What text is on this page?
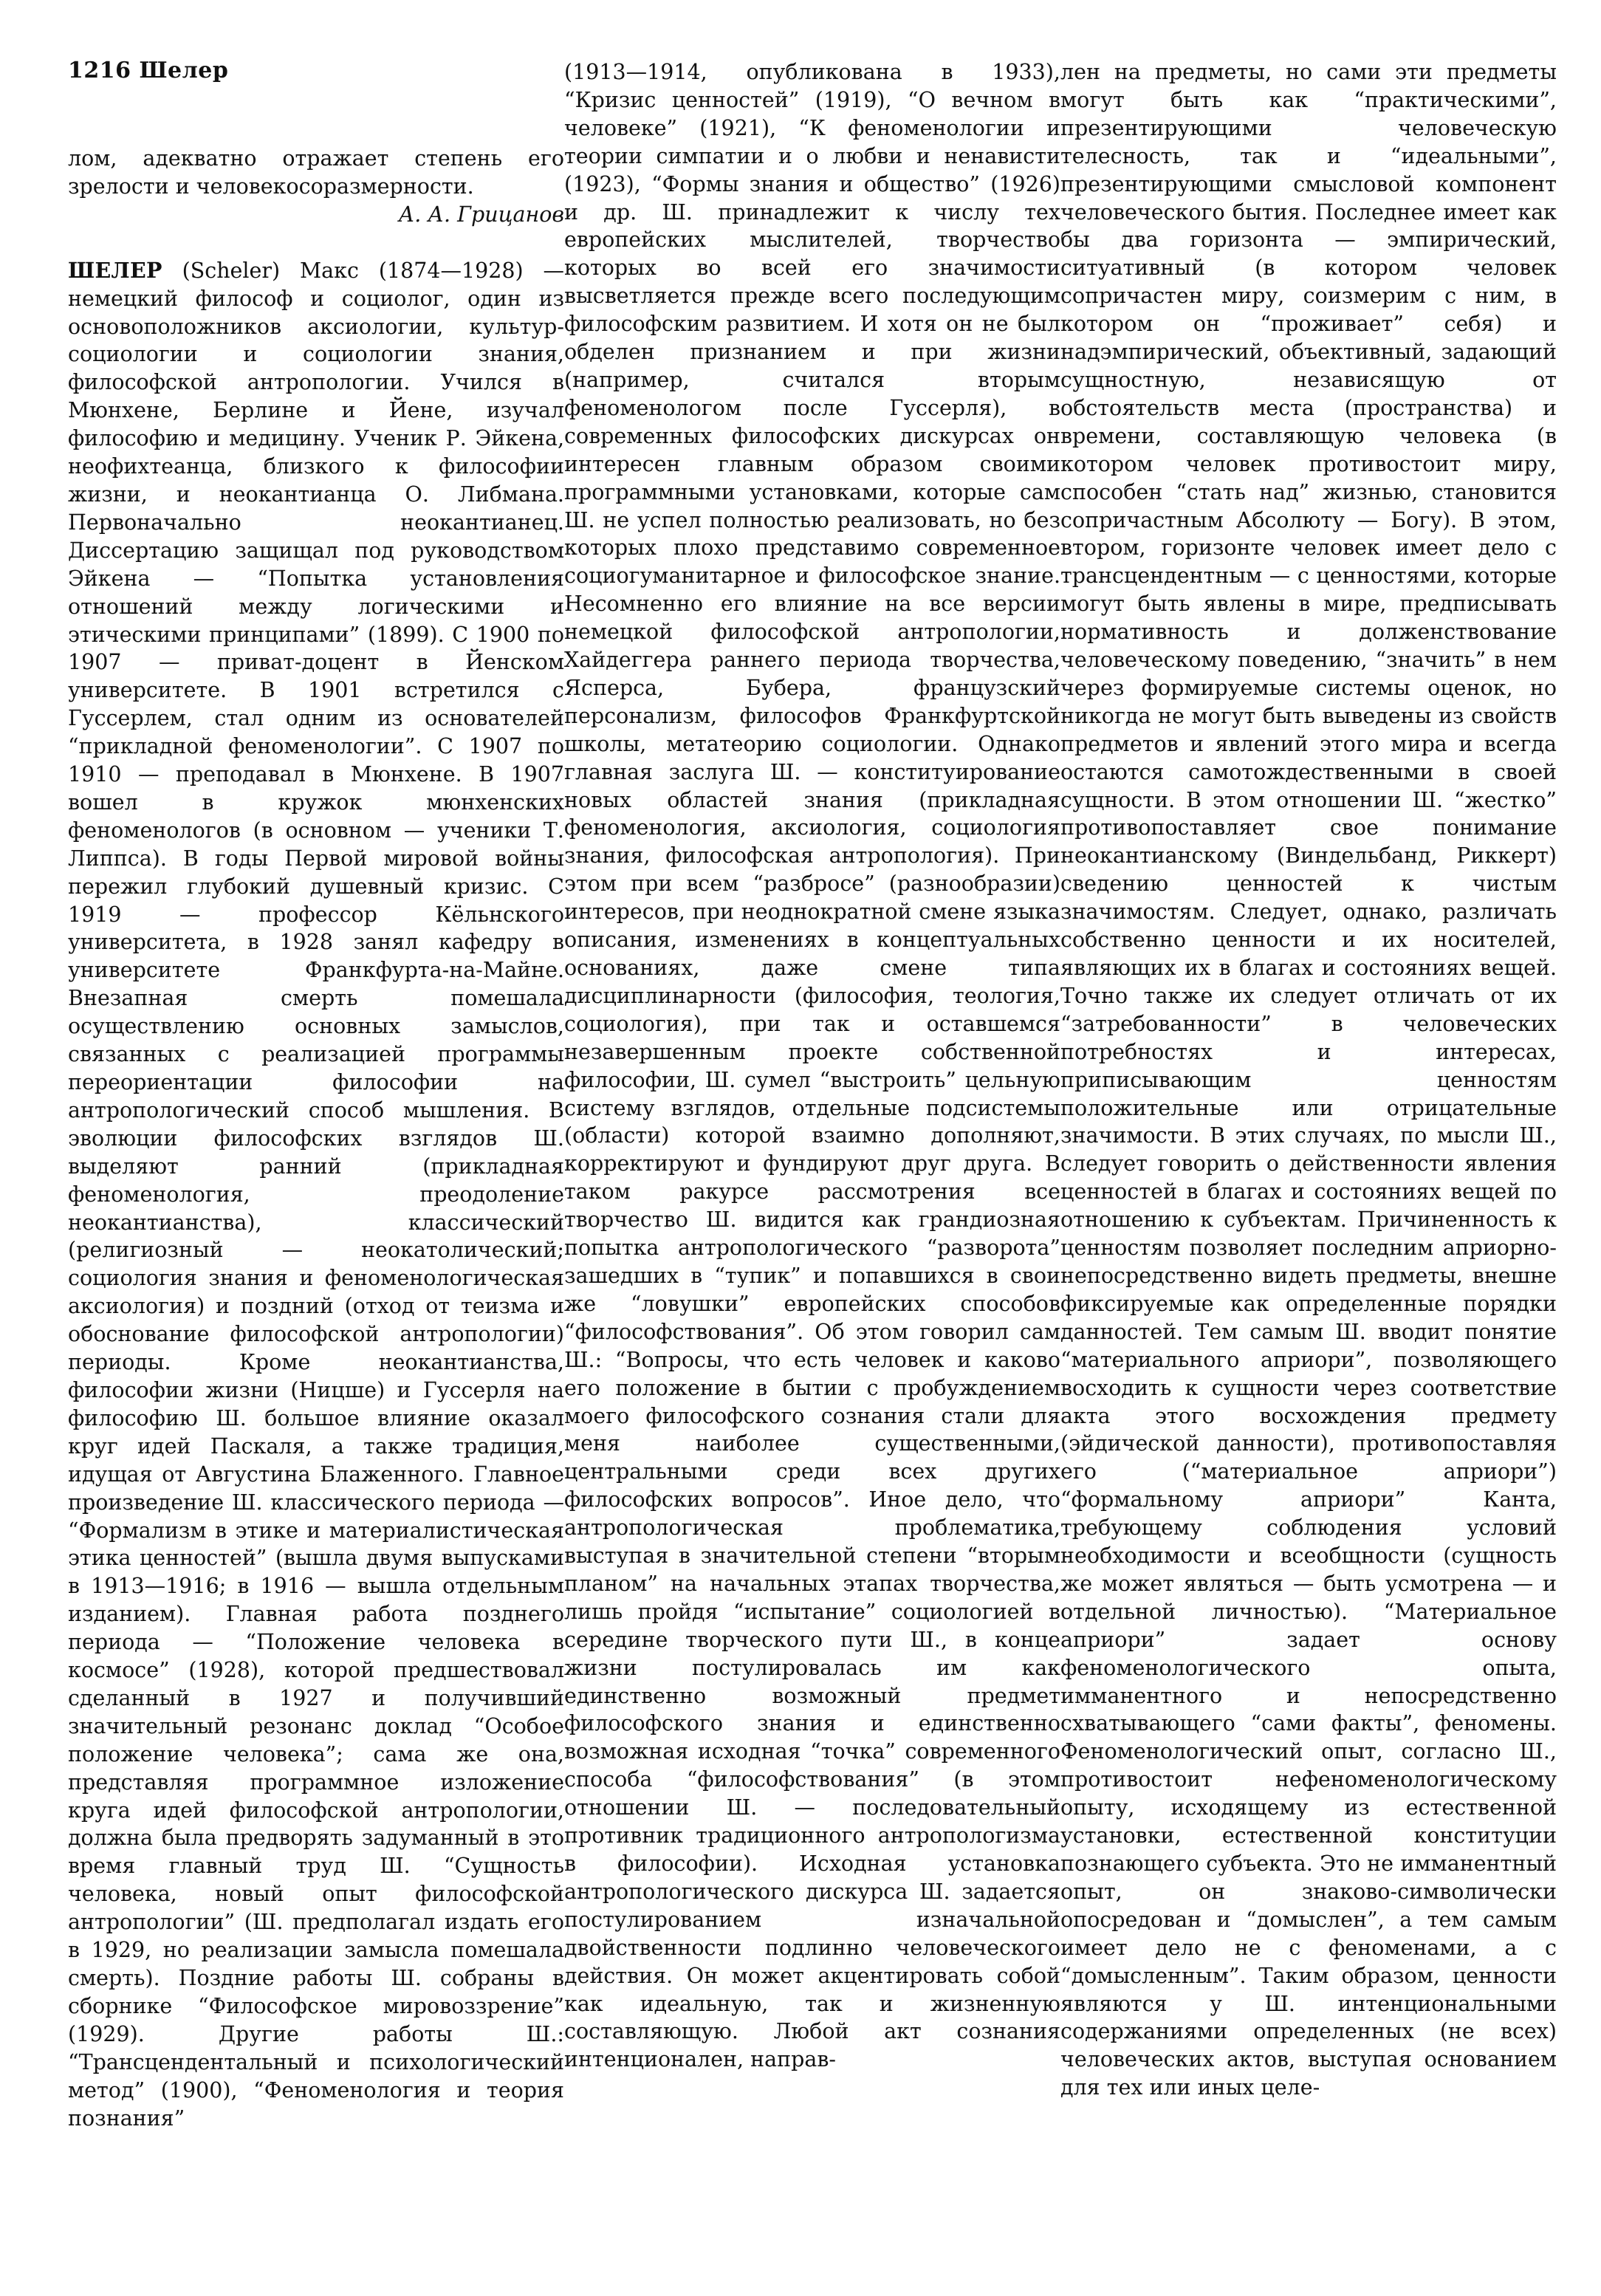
1216 Шелер

лом, адекватно отражает степень его зрелости и человекосоразмерности.

А. А. Грицанов

ШЕЛЕР (Scheler) Макс (1874—1928) — немецкий философ и социолог, один из основоположников аксиологии, культур-социологии и социологии знания, философской антропологии. Учился в Мюнхене, Берлине и Йене, изучал философию и медицину. Ученик Р. Эйкена, неофихтеанца, близкого к философии жизни, и неокантианца О. Либмана. Первоначально неокантианец. Диссертацию защищал под руководством Эйкена — “Попытка установления отношений между логическими и этическими принципами” (1899). С 1900 по 1907 — приват-доцент в Йенском университете. В 1901 встретился с Гуссерлем, стал одним из основателей “прикладной феноменологии”. С 1907 по 1910 — преподавал в Мюнхене. В 1907 вошел в кружок мюнхенских феноменологов (в основном — ученики Т. Липпса). В годы Первой мировой войны пережил глубокий душевный кризис. С 1919 — профессор Кёльнского университета, в 1928 занял кафедру в университете Франкфурта-на-Майне. Внезапная смерть помешала осуществлению основных замыслов, связанных с реализацией программы переориентации философии на антропологический способ мышления. В эволюции философских взглядов Ш. выделяют ранний (прикладная феноменология, преодоление неокантианства), классический (религиозный — неокатолический; социология знания и феноменологическая аксиология) и поздний (отход от теизма и обоснование философской антропологии) периоды. Кроме неокантианства, философии жизни (Ницше) и Гуссерля на философию Ш. большое влияние оказал круг идей Паскаля, а также традиция, идущая от Августина Блаженного. Главное произведение Ш. классического периода — “Формализм в этике и материалистическая этика ценностей” (вышла двумя выпусками в 1913—1916; в 1916 — вышла отдельным изданием). Главная работа позднего периода — “Положение человека в космосе” (1928), которой предшествовал сделанный в 1927 и получивший значительный резонанс доклад “Особое положение человека”; сама же она, представляя программное изложение круга идей философской антропологии, должна была предворять задуманный в это время главный труд Ш. “Сущность человека, новый опыт философской антропологии” (Ш. предполагал издать его в 1929, но реализации замысла помешала смерть). Поздние работы Ш. собраны в сборнике “Философское мировоззрение” (1929). Другие работы Ш.: “Трансцендентальный и психологический метод” (1900), “Феноменология и теория познания”

(1913—1914, опубликована в 1933), “Кризис ценностей” (1919), “О вечном в человеке” (1921), “К феноменологии и теории симпатии и о любви и ненависти (1923), “Формы знания и общество” (1926) и др. Ш. принадлежит к числу тех европейских мыслителей, творчество которых во всей его значимости высветляется прежде всего последующим философским развитием. И хотя он не был обделен признанием и при жизни (например, считался вторым феноменологом после Гуссерля), в современных философских дискурсах он интересен главным образом своими программными установками, которые сам Ш. не успел полностью реализовать, но без которых плохо представимо современное социогуманитарное и философское знание. Несомненно его влияние на все версии немецкой философской антропологии, Хайдеггера раннего периода творчества, Ясперса, Бубера, французский персонализм, философов Франкфуртской школы, метатеорию социологии. Однако главная заслуга Ш. — конституирование новых областей знания (прикладная феноменология, аксиология, социология знания, философская антропология). При этом при всем “разбросе” (разнообразии) интересов, при неоднократной смене языка описания, изменениях в концептуальных основаниях, даже смене типа дисциплинарности (философия, теология, социология), при так и оставшемся незавершенным проекте собственной философии, Ш. сумел “выстроить” цельную систему взглядов, отдельные подсистемы (области) которой взаимно дополняют, корректируют и фундируют друг друга. В таком ракурсе рассмотрения все творчество Ш. видится как грандиозная попытка антропологического “разворота” зашедших в “тупик” и попавшихся в свои же “ловушки” европейских способов “философствования”. Об этом говорил сам Ш.: “Вопросы, что есть человек и каково его положение в бытии с пробуждением моего философского сознания стали для меня наиболее существенными, центральными среди всех других философских вопросов”. Иное дело, что антропологическая проблематика, выступая в значительной степени “вторым планом” на начальных этапах творчества, лишь пройдя “испытание” социологией в середине творческого пути Ш., в конце жизни постулировалась им как единственно возможный предмет философского знания и единственно возможная исходная “точка” современного способа “философствования” (в этом отношении Ш. — последовательный противник традиционного антропологизма в философии). Исходная установка антропологического дискурса Ш. задается постулированием изначальной двойственности подлинно человеческого действия. Он может акцентировать собой как идеальную, так и жизненную составляющую. Любой акт сознания интенционален, направ-

лен на предметы, но сами эти предметы могут быть как “практическими”, презентирующими человеческую телесность, так и “идеальными”, презентирующими смысловой компонент человеческого бытия. Последнее имеет как бы два горизонта — эмпирический, ситуативный (в котором человек сопричастен миру, соизмерим с ним, в котором он “проживает” себя) и надэмпирический, объективный, задающий сущностную, независящую от обстоятельств места (пространства) и времени, составляющую человека (в котором человек противостоит миру, способен “стать над” жизнью, становится сопричастным Абсолюту — Богу). В этом, втором, горизонте человек имеет дело с трансцендентным — с ценностями, которые могут быть явлены в мире, предписывать нормативность и долженствование человеческому поведению, “значить” в нем через формируемые системы оценок, но никогда не могут быть выведены из свойств предметов и явлений этого мира и всегда остаются самотождественными в своей сущности. В этом отношении Ш. “жестко” противопоставляет свое понимание неокантианскому (Виндельбанд, Риккерт) сведению ценностей к чистым значимостям. Следует, однако, различать собственно ценности и их носителей, являющих их в благах и состояниях вещей. Точно также их следует отличать от их “затребованности” в человеческих потребностях и интересах, приписывающим ценностям положительные или отрицательные значимости. В этих случаях, по мысли Ш., следует говорить о действенности явления ценностей в благах и состояниях вещей по отношению к субъектам. Причиненность к ценностям позволяет последним априорно-непосредственно видеть предметы, внешне фиксируемые как определенные порядки данностей. Тем самым Ш. вводит понятие “материального априори”, позволяющего восходить к сущности через соответствие акта этого восхождения предмету (эйдической данности), противопоставляя его (“материальное априори”) “формальному априори” Канта, требующему соблюдения условий необходимости и всеобщности (сущность же может являться — быть усмотрена — и отдельной личностью). “Материальное априори” задает основу феноменологического опыта, имманентного и непосредственно схватывающего “сами факты”, феномены. Феноменологический опыт, согласно Ш., противостоит нефеноменологическому опыту, исходящему из естественной установки, естественной конституции познающего субъекта. Это не имманентный опыт, он знаково-символически опосредован и “домыслен”, а тем самым имеет дело не с феноменами, а с “домысленным”. Таким образом, ценности являются у Ш. интенциональными содержаниями определенных (не всех) человеческих актов, выступая основанием для тех или иных целе-
